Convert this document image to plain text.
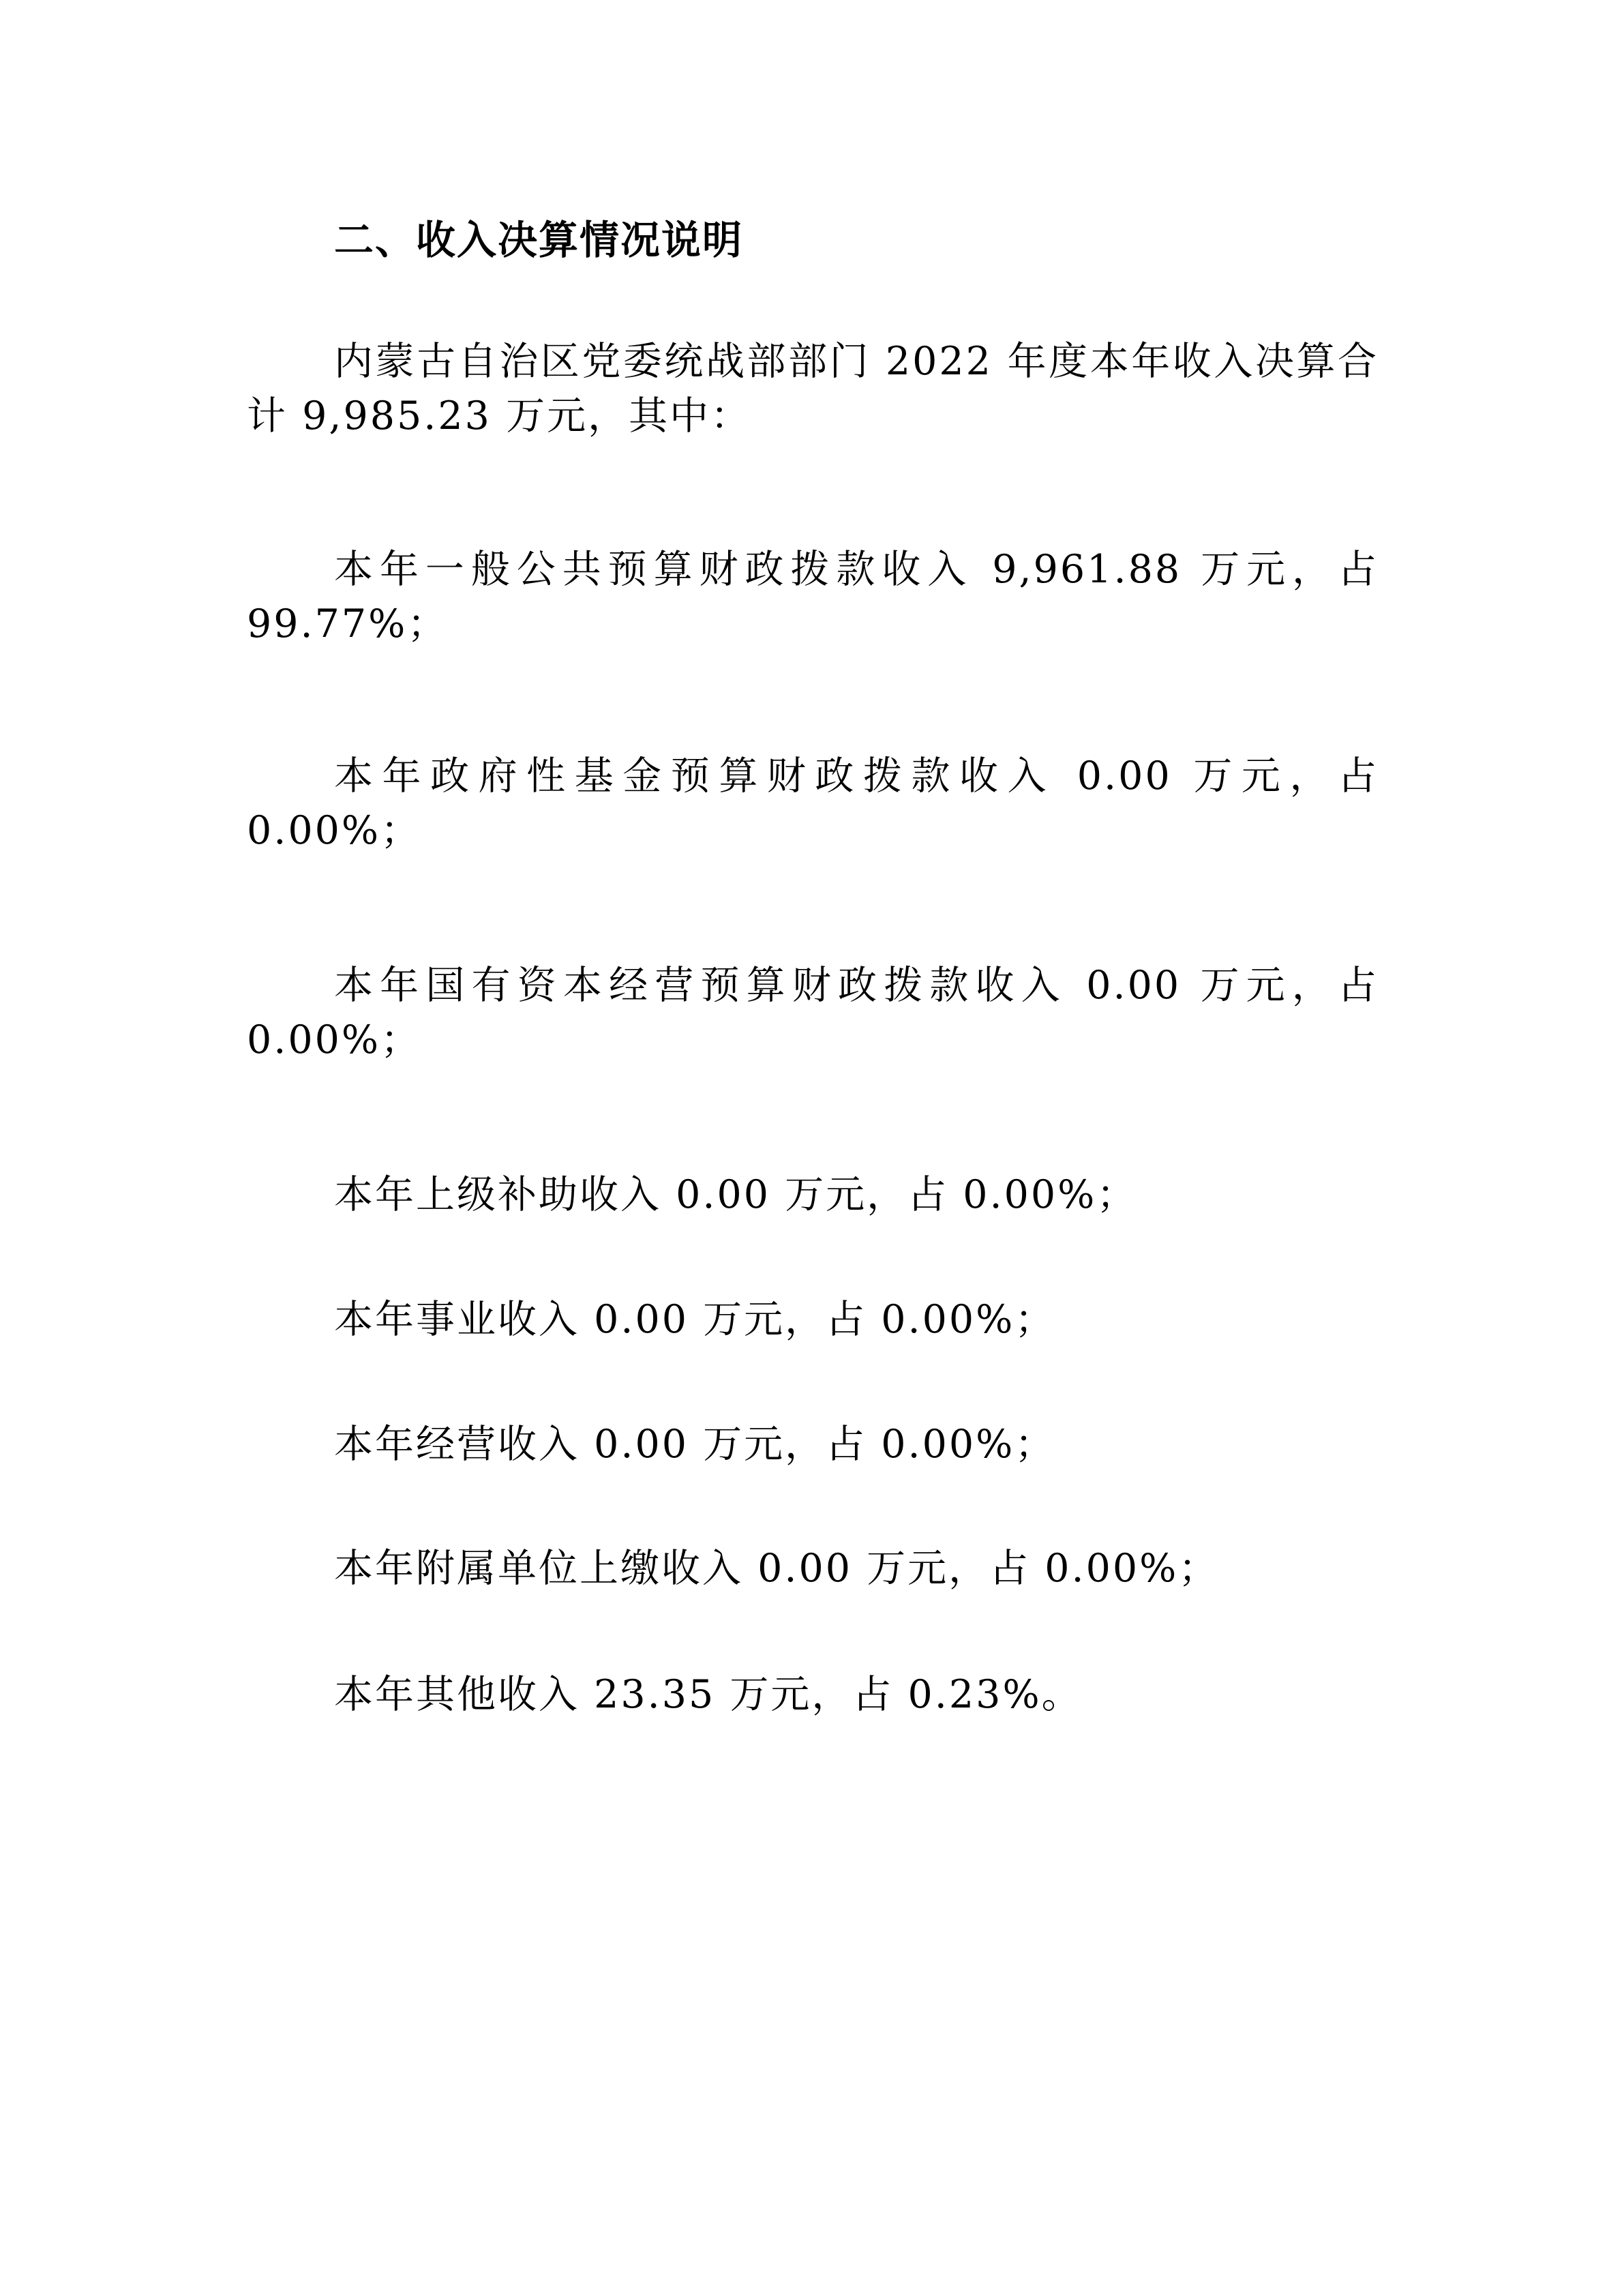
二、收入决算情况说明

内蒙古自治区党委统战部部门 2022 年度本年收入决算合计 9,985.23 万元，其中：

本年一般公共预算财政拨款收入 9,961.88 万元，占 99.77%；

本年政府性基金预算财政拨款收入 0.00 万元，占 0.00%；

本年国有资本经营预算财政拨款收入 0.00 万元，占 0.00%；

本年上级补助收入 0.00 万元，占 0.00%；

本年事业收入 0.00 万元，占 0.00%；

本年经营收入 0.00 万元，占 0.00%；

本年附属单位上缴收入 0.00 万元，占 0.00%；

本年其他收入 23.35 万元，占 0.23%。
